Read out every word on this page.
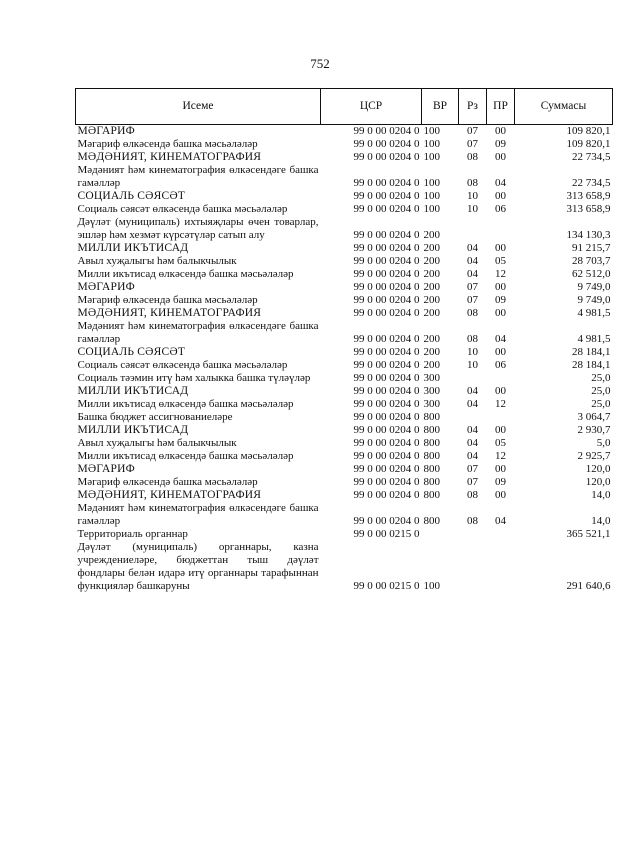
752
Исеме	ЦСР	ВР	Рз	ПР	Суммасы
МӘГАРИФ	99 0 00 0204 0	100	07	00	109 820,1
Мәгариф өлкәсендә башка мәсьәләләр	99 0 00 0204 0	100	07	09	109 820,1
МӘДӘНИЯТ, КИНЕМАТОГРАФИЯ	99 0 00 0204 0	100	08	00	22 734,5
Мәдәният һәм кинематография өлкәсендәге башка гамәлләр	99 0 00 0204 0	100	08	04	22 734,5
СОЦИАЛЬ СӘЯСӘТ	99 0 00 0204 0	100	10	00	313 658,9
Социаль сәясәт өлкәсендә башка мәсьәләләр	99 0 00 0204 0	100	10	06	313 658,9
Дәүләт (муниципаль) ихтыяҗлары өчен товарлар, эшләр һәм хезмәт күрсәтүләр сатып алу	99 0 00 0204 0	200			134 130,3
МИЛЛИ ИКЪТИСАД	99 0 00 0204 0	200	04	00	91 215,7
Авыл хуҗалыгы һәм балыкчылык	99 0 00 0204 0	200	04	05	28 703,7
Милли икътисад өлкәсендә башка мәсьәләләр	99 0 00 0204 0	200	04	12	62 512,0
МӘГАРИФ	99 0 00 0204 0	200	07	00	9 749,0
Мәгариф өлкәсендә башка мәсьәләләр	99 0 00 0204 0	200	07	09	9 749,0
МӘДӘНИЯТ, КИНЕМАТОГРАФИЯ	99 0 00 0204 0	200	08	00	4 981,5
Мәдәният һәм кинематография өлкәсендәге башка гамәлләр	99 0 00 0204 0	200	08	04	4 981,5
СОЦИАЛЬ СӘЯСӘТ	99 0 00 0204 0	200	10	00	28 184,1
Социаль сәясәт өлкәсендә башка мәсьәләләр	99 0 00 0204 0	200	10	06	28 184,1
Социаль тәэмин итү һәм халыкка башка түләүләр	99 0 00 0204 0	300			25,0
МИЛЛИ ИКЪТИСАД	99 0 00 0204 0	300	04	00	25,0
Милли икътисад өлкәсендә башка мәсьәләләр	99 0 00 0204 0	300	04	12	25,0
Башка бюджет ассигнованиеләре	99 0 00 0204 0	800			3 064,7
МИЛЛИ ИКЪТИСАД	99 0 00 0204 0	800	04	00	2 930,7
Авыл хуҗалыгы һәм балыкчылык	99 0 00 0204 0	800	04	05	5,0
Милли икътисад өлкәсендә башка мәсьәләләр	99 0 00 0204 0	800	04	12	2 925,7
МӘГАРИФ	99 0 00 0204 0	800	07	00	120,0
Мәгариф өлкәсендә башка мәсьәләләр	99 0 00 0204 0	800	07	09	120,0
МӘДӘНИЯТ, КИНЕМАТОГРАФИЯ	99 0 00 0204 0	800	08	00	14,0
Мәдәният һәм кинематография өлкәсендәге башка гамәлләр	99 0 00 0204 0	800	08	04	14,0
Территориаль органнар	99 0 00 0215 0				365 521,1
Дәүләт (муниципаль) органнары, казна учреждениеләре, бюджеттан тыш дәүләт фондлары белән идарә итү органнары тарафыннан функцияләр башкаруны	99 0 00 0215 0	100			291 640,6
